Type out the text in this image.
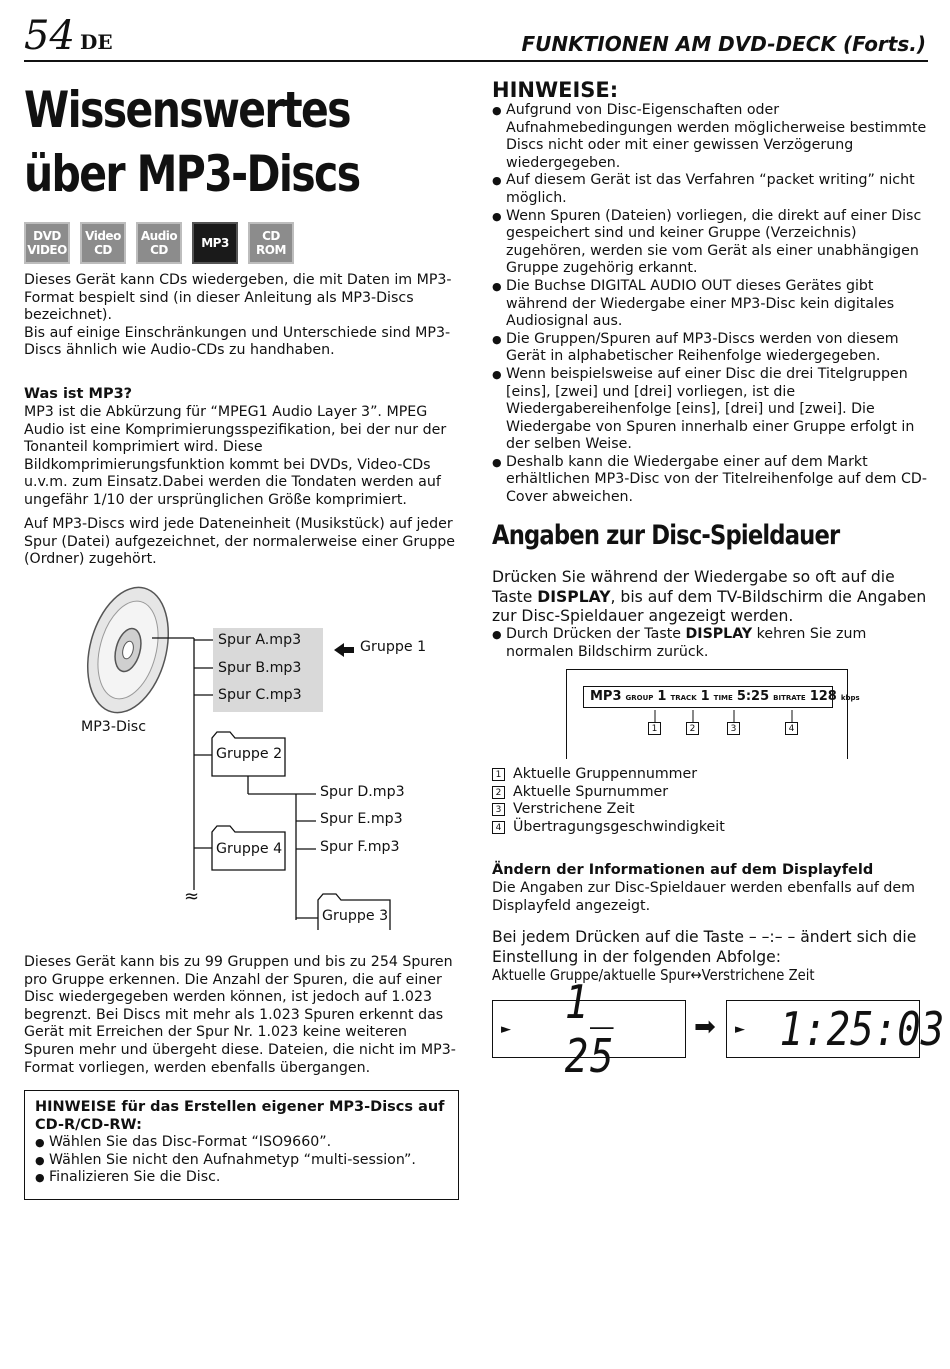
54 DE	FUNKTIONEN AM DVD-DECK (Forts.)
Wissenswertes
über MP3-Discs
DVD
VIDEO
Video
CD
Audio
CD	MP3	CD
ROM

Dieses Gerät kann CDs wiedergeben, die mit Daten im MP3-Format bespielt sind (in dieser Anleitung als MP3-Discs bezeichnet).

Bis auf einige Einschränkungen und Unterschiede sind MP3-Discs ähnlich wie Audio-CDs zu handhaben.

Was ist MP3?
MP3 ist die Abkürzung für “MPEG1 Audio Layer 3”. MPEG Audio ist eine Komprimierungsspezifikation, bei der nur der Tonanteil komprimiert wird. Diese Bildkomprimierungsfunktion kommt bei DVDs, Video-CDs u.v.m. zum Einsatz.Dabei werden die Tondaten werden auf ungefähr 1/10 der ursprünglichen Größe komprimiert.
Auf MP3-Discs wird jede Dateneinheit (Musikstück) auf jeder Spur (Datei) aufgezeichnet, der normalerweise einer Gruppe (Ordner) zugehört.
≈
Spur A.mp3
Spur B.mp3
Spur C.mp3
Gruppe 1
MP3-Disc
Gruppe 2
Spur D.mp3
Spur E.mp3
Spur F.mp3
Gruppe 4
Gruppe 3
Dieses Gerät kann bis zu 99 Gruppen und bis zu 254 Spuren pro Gruppe erkennen. Die Anzahl der Spuren, die auf einer Disc wiedergegeben werden können, ist jedoch auf 1.023 begrenzt. Bei Discs mit mehr als 1.023 Spuren erkennt das Gerät mit Erreichen der Spur Nr. 1.023 keine weiteren Spuren mehr und übergeht diese. Dateien, die nicht im MP3-Format vorliegen, werden ebenfalls übergangen.
HINWEISE für das Erstellen eigener MP3-Discs auf CD-R/CD-RW:
● Wählen Sie das Disc-Format “ISO9660”.
● Wählen Sie nicht den Aufnahmetyp “multi-session”.
● Finalizieren Sie die Disc.
HINWEISE:
● Aufgrund von Disc-Eigenschaften oder Aufnahmebedingungen werden möglicherweise bestimmte Discs nicht oder mit einer gewissen Verzögerung wiedergegeben.
● Auf diesem Gerät ist das Verfahren “packet writing” nicht möglich.
● Wenn Spuren (Dateien) vorliegen, die direkt auf einer Disc gespeichert sind und keiner Gruppe (Verzeichnis) zugehören, werden sie vom Gerät als einer unabhängigen Gruppe zugehörig erkannt.
● Die Buchse DIGITAL AUDIO OUT dieses Gerätes gibt während der Wiedergabe einer MP3-Disc kein digitales Audiosignal aus.
● Die Gruppen/Spuren auf MP3-Discs werden von diesem Gerät in alphabetischer Reihenfolge wiedergegeben.
● Wenn beispielsweise auf einer Disc die drei Titelgruppen [eins], [zwei] und [drei] vorliegen, ist die Wiedergabereihenfolge [eins], [drei] und [zwei]. Die Wiedergabe von Spuren innerhalb einer Gruppe erfolgt in der selben Weise.
● Deshalb kann die Wiedergabe einer auf dem Markt erhältlichen MP3-Disc von der Titelreihenfolge auf dem CD-Cover abweichen.
Angaben zur Disc-Spieldauer
Drücken Sie während der Wiedergabe so oft auf die Taste DISPLAY, bis auf dem TV-Bildschirm die Angaben zur Disc-Spieldauer angezeigt werden.
● Durch Drücken der Taste DISPLAY kehren Sie zum normalen Bildschirm zurück.
MP3 GROUP 1 TRACK 1 TIME 5:25 BITRATE 128 kbps
1	2	3	4
1 Aktuelle Gruppennummer
2 Aktuelle Spurnummer
3 Verstrichene Zeit
4 Übertragungsgeschwindigkeit
Ändern der Informationen auf dem Displayfeld
Die Angaben zur Disc-Spieldauer werden ebenfalls auf dem Displayfeld angezeigt.
Bei jedem Drücken auf die Taste – –:– – ändert sich die Einstellung in der folgenden Abfolge:
Aktuelle Gruppe/aktuelle Spur↔Verstrichene Zeit
► 1_ 25
➡ ► 1:25:03
